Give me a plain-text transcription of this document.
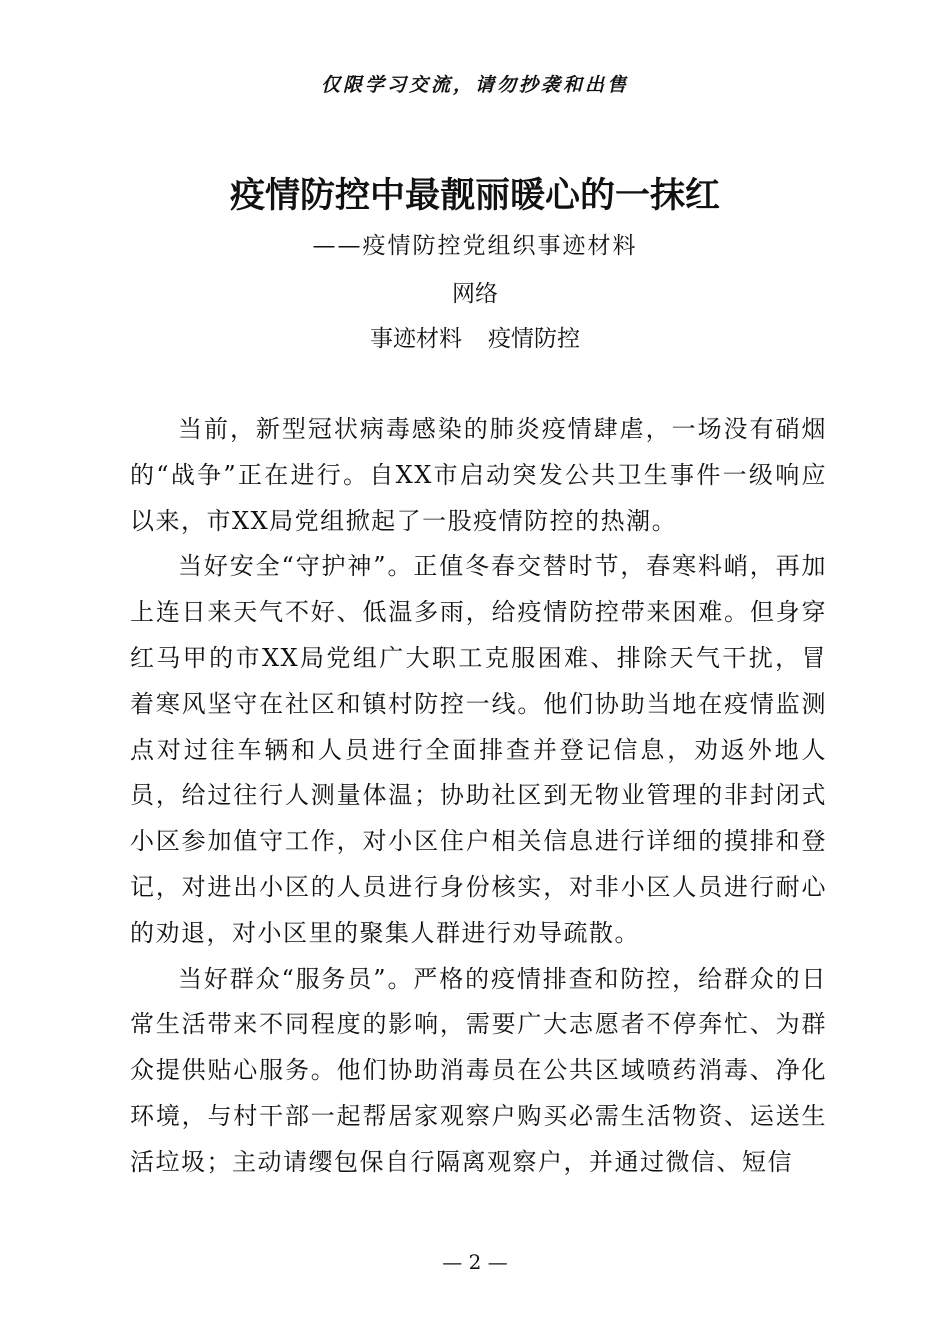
仅限学习交流，请勿抄袭和出售
疫情防控中最靓丽暖心的一抹红
——疫情防控党组织事迹材料
网络
事迹材料 疫情防控

当前，新型冠状病毒感染的肺炎疫情肆虐，一场没有硝烟的“战争”正在进行。自XX市启动突发公共卫生事件一级响应以来，市XX局党组掀起了一股疫情防控的热潮。

当好安全“守护神”。正值冬春交替时节，春寒料峭，再加上连日来天气不好、低温多雨，给疫情防控带来困难。但身穿红马甲的市XX局党组广大职工克服困难、排除天气干扰，冒着寒风坚守在社区和镇村防控一线。他们协助当地在疫情监测点对过往车辆和人员进行全面排查并登记信息，劝返外地人员，给过往行人测量体温；协助社区到无物业管理的非封闭式小区参加值守工作，对小区住户相关信息进行详细的摸排和登记，对进出小区的人员进行身份核实，对非小区人员进行耐心的劝退，对小区里的聚集人群进行劝导疏散。

当好群众“服务员”。严格的疫情排查和防控，给群众的日常生活带来不同程度的影响，需要广大志愿者不停奔忙、为群众提供贴心服务。他们协助消毒员在公共区域喷药消毒、净化环境，与村干部一起帮居家观察户购买必需生活物资、运送生活垃圾；主动请缨包保自行隔离观察户，并通过微信、短信

— 2 —
